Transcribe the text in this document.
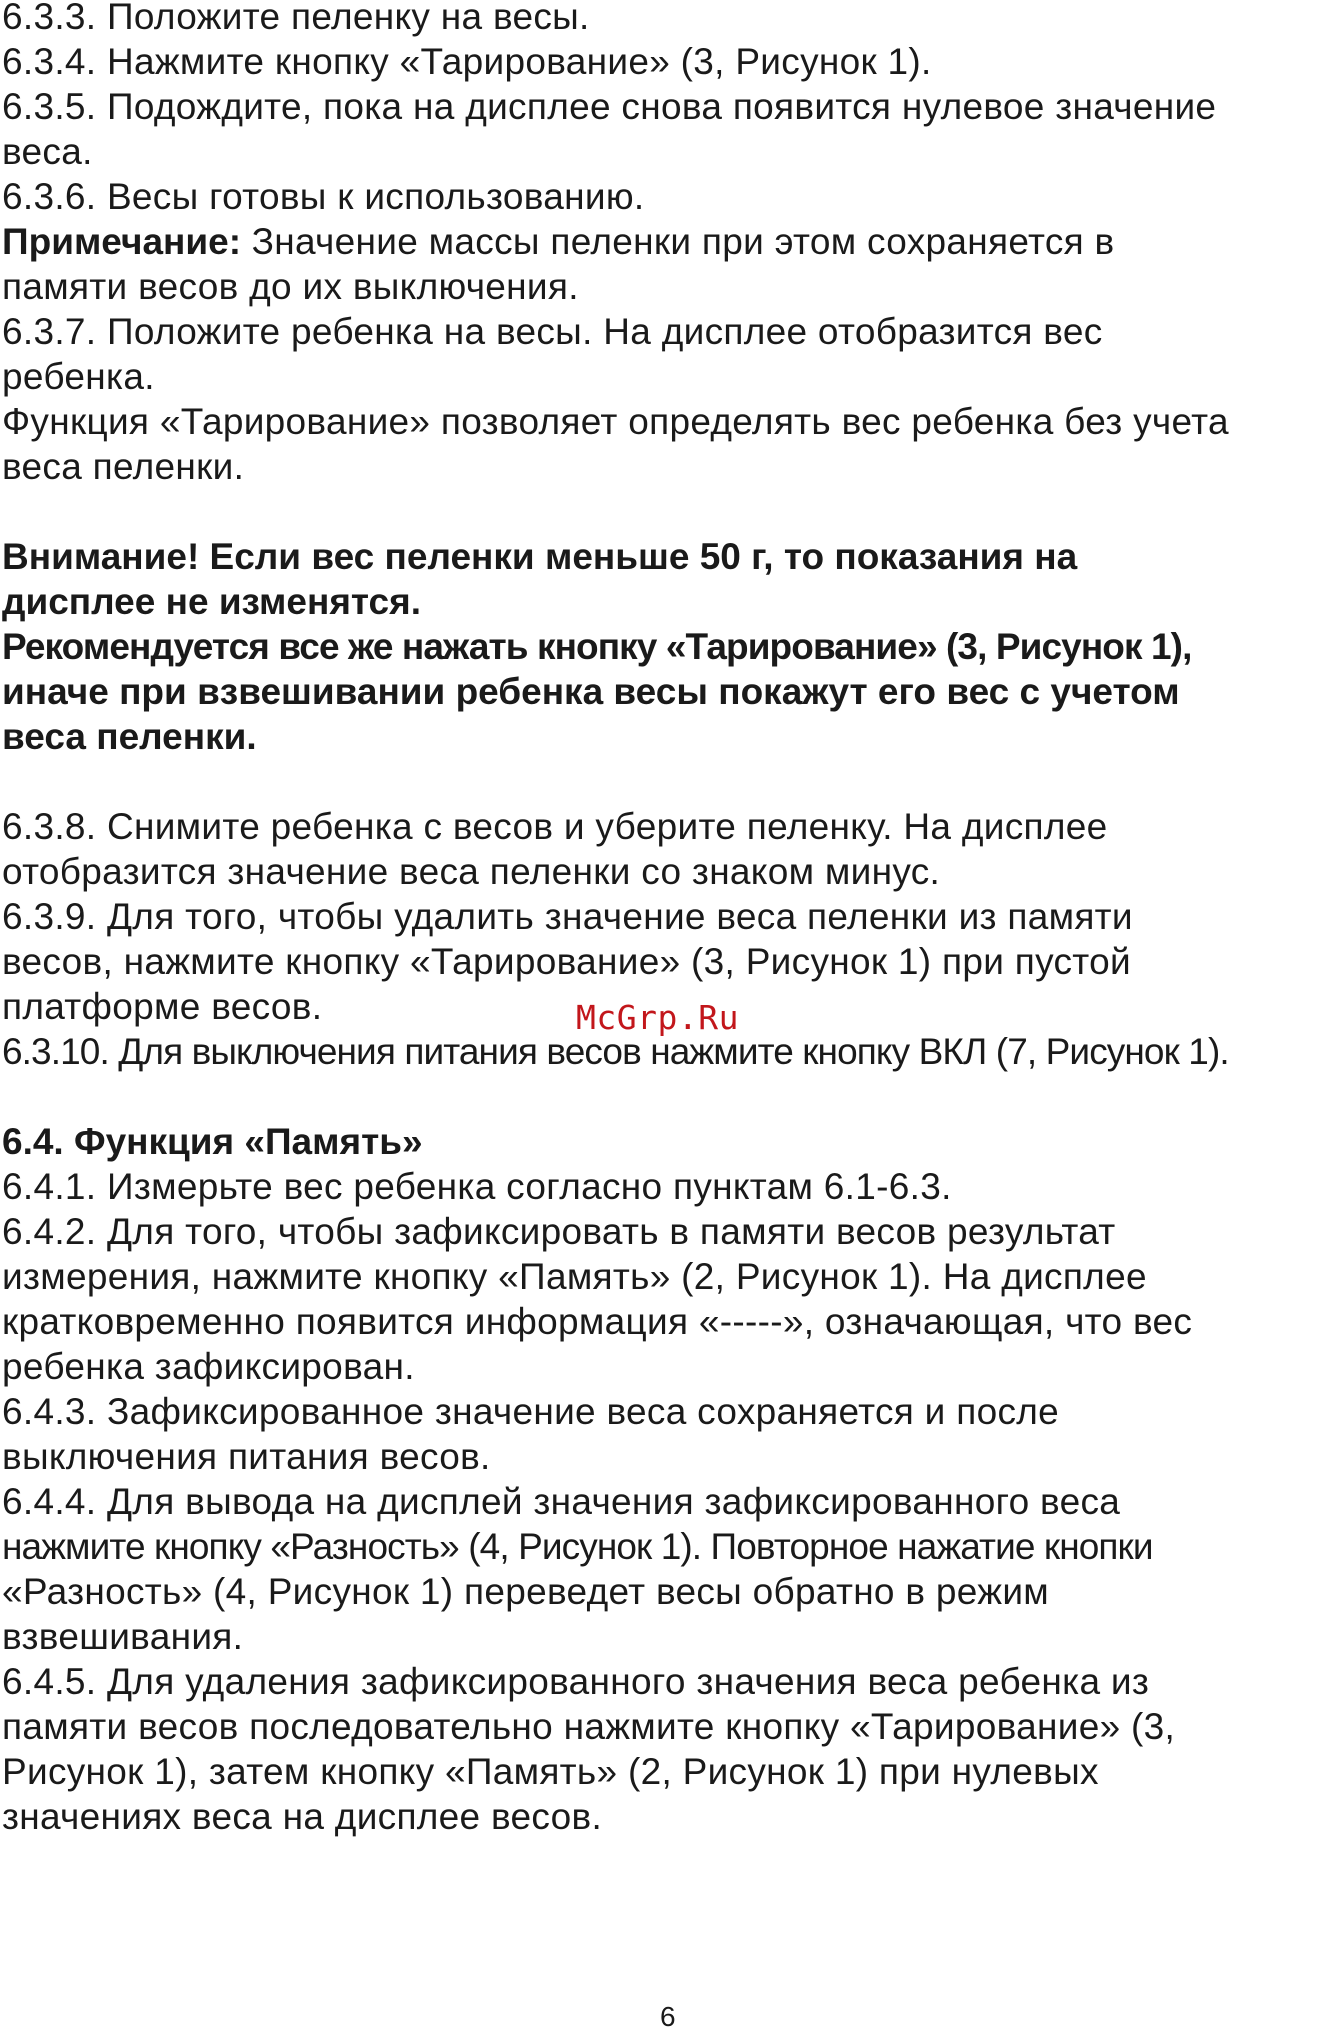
6.3.3. Положите пеленку на весы.
6.3.4. Нажмите кнопку «Тарирование» (3, Рисунок 1).
6.3.5. Подождите, пока на дисплее снова появится нулевое значение
веса.
6.3.6. Весы готовы к использованию.
Примечание: Значение массы пеленки при этом сохраняется в
памяти весов до их выключения.
6.3.7. Положите ребенка на весы. На дисплее отобразится вес
ребенка.
Функция «Тарирование» позволяет определять вес ребенка без учета
веса пеленки.
Внимание! Если вес пеленки меньше 50 г, то показания на
дисплее не изменятся.
Рекомендуется все же нажать кнопку «Тарирование» (3, Рисунок 1),
иначе при взвешивании ребенка весы покажут его вес с учетом
веса пеленки.
6.3.8. Снимите ребенка с весов и уберите пеленку. На дисплее
отобразится значение веса пеленки со знаком минус.
6.3.9. Для того, чтобы удалить значение веса пеленки из памяти
весов, нажмите кнопку «Тарирование» (3, Рисунок 1) при пустой
платформе весов.
6.3.10. Для выключения питания весов нажмите кнопку ВКЛ (7, Рисунок 1).
6.4. Функция «Память»
6.4.1. Измерьте вес ребенка согласно пунктам 6.1-6.3.
6.4.2. Для того, чтобы зафиксировать в памяти весов результат
измерения, нажмите кнопку «Память» (2, Рисунок 1). На дисплее
кратковременно появится информация «-----», означающая, что вес
ребенка зафиксирован.
6.4.3. Зафиксированное значение веса сохраняется и после
выключения питания весов.
6.4.4. Для вывода на дисплей значения зафиксированного веса
нажмите кнопку «Разность» (4, Рисунок 1). Повторное нажатие кнопки
«Разность» (4, Рисунок 1) переведет весы обратно в режим
взвешивания.
6.4.5. Для удаления зафиксированного значения веса ребенка из
памяти весов последовательно нажмите кнопку «Тарирование» (3,
Рисунок 1), затем кнопку «Память» (2, Рисунок 1) при нулевых
значениях веса на дисплее весов.
McGrp.Ru
6
